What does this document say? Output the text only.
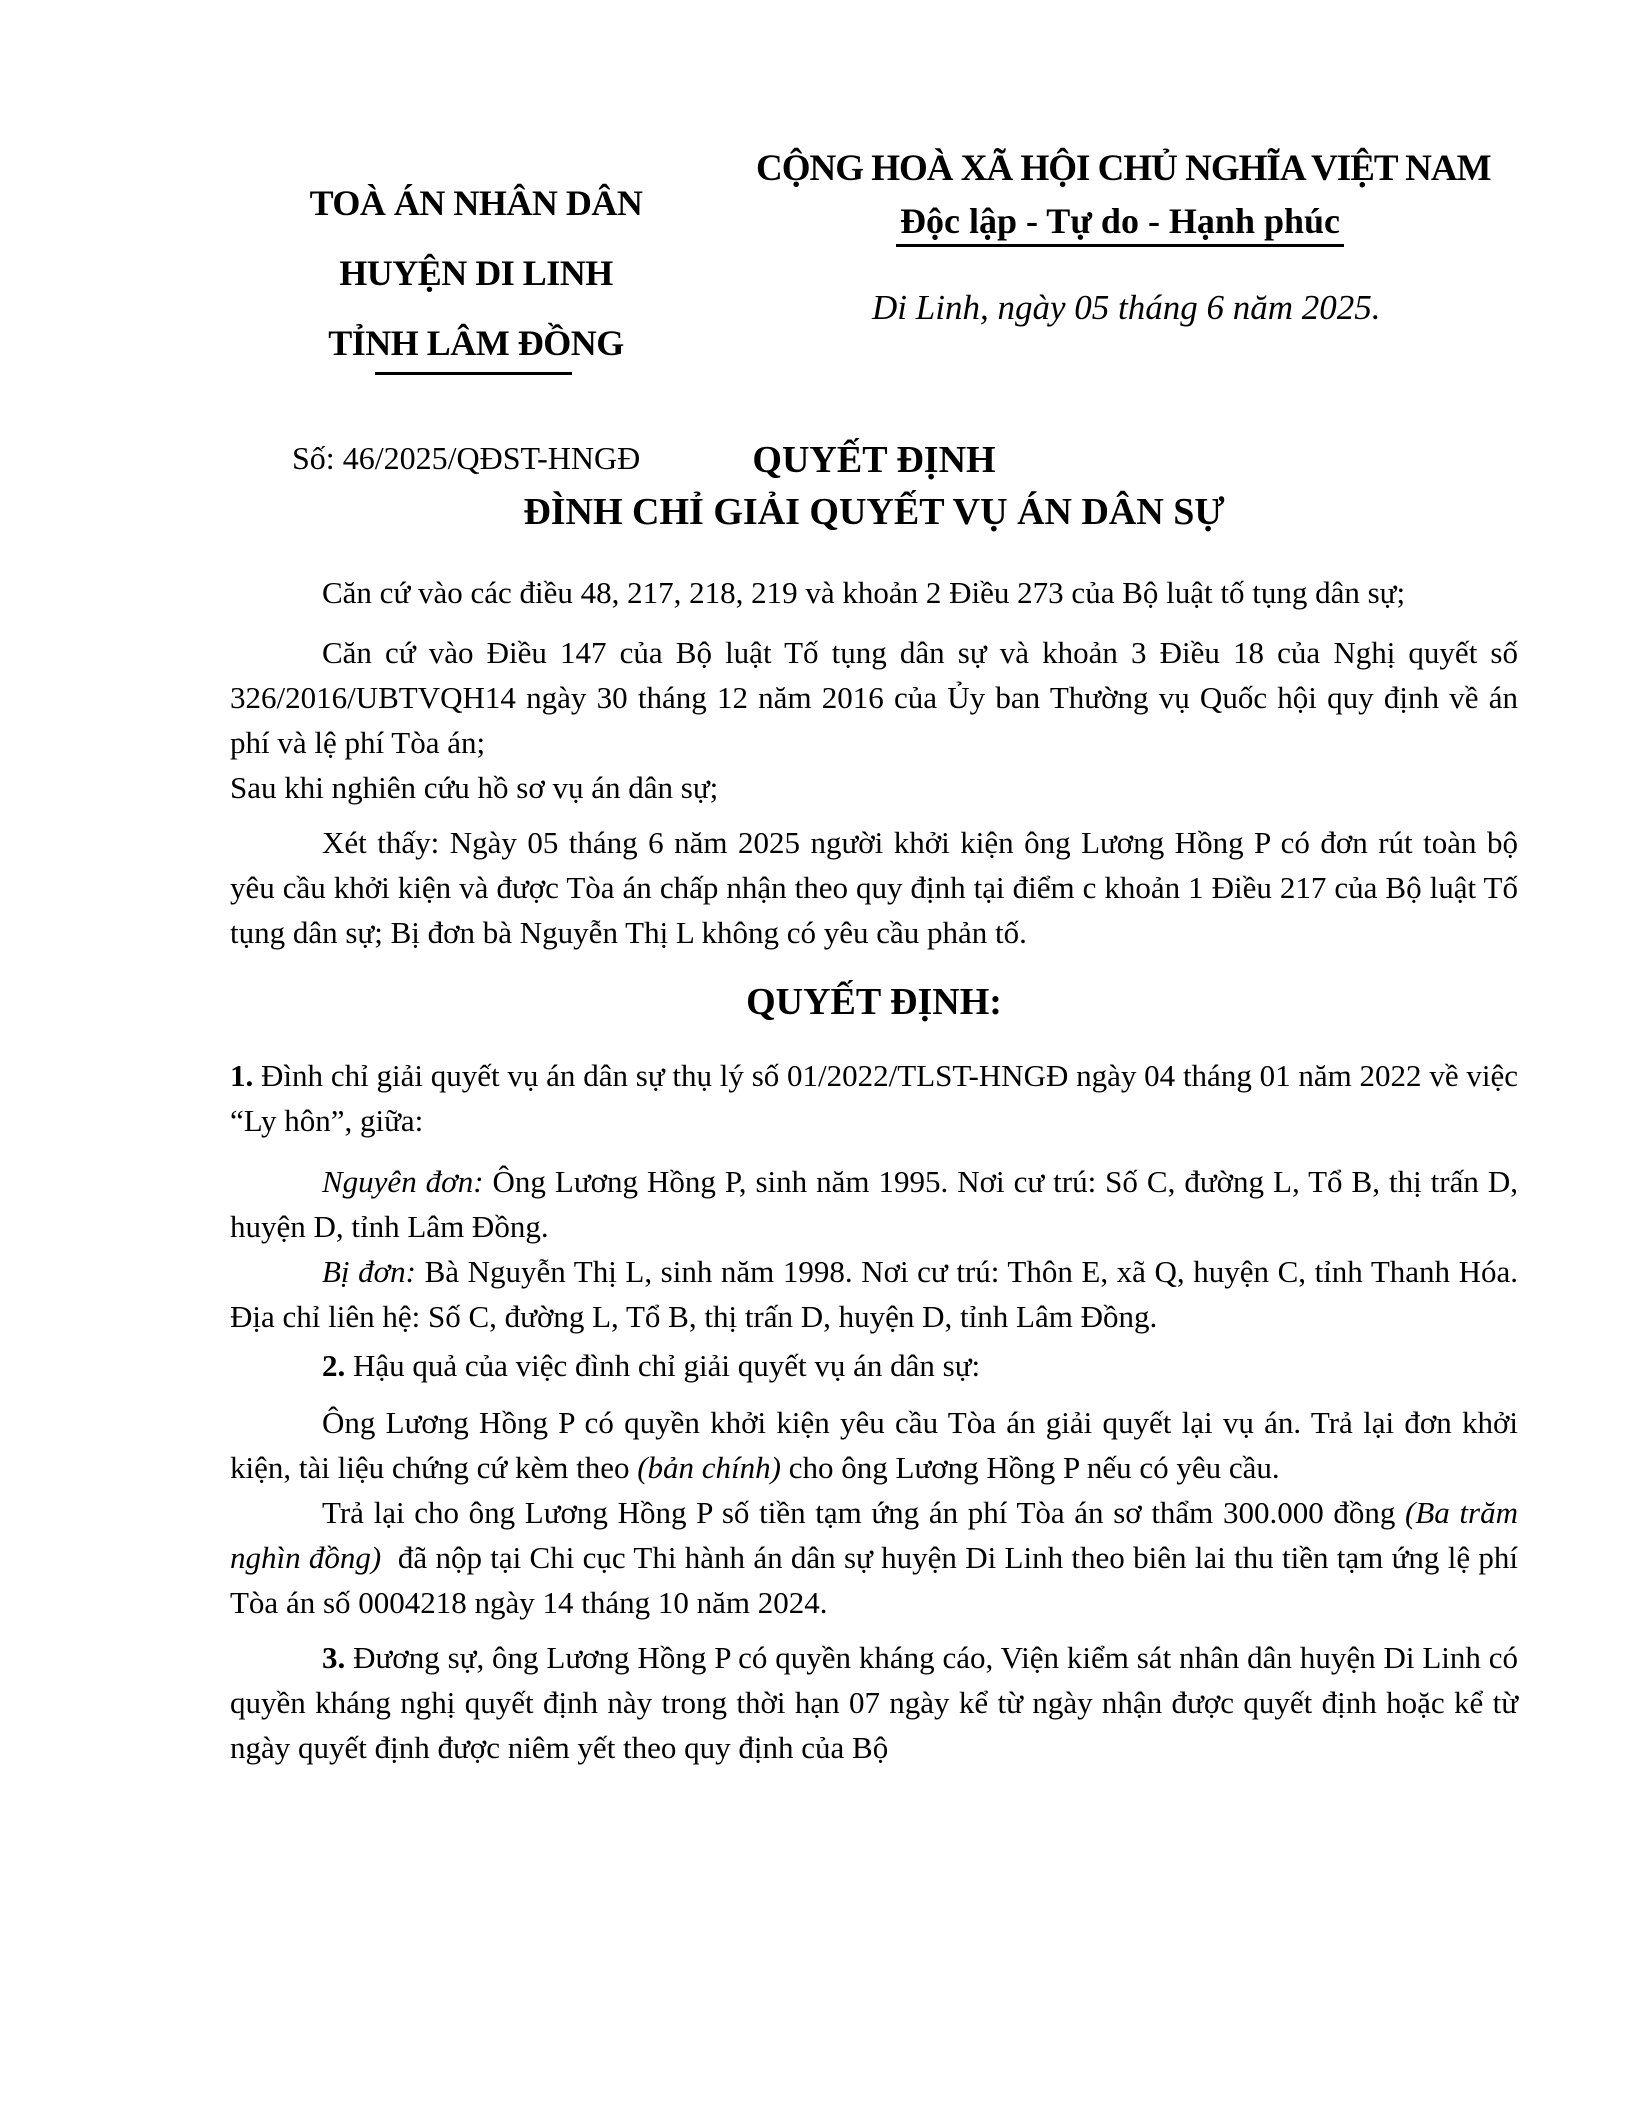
TOÀ ÁN NHÂN DÂN
HUYỆN DI LINH
TỈNH LÂM ĐỒNG
Số: 46/2025/QĐST-HNGĐ
CỘNG HOÀ XÃ HỘI CHỦ NGHĨA VIỆT NAM
Độc lập - Tự do - Hạnh phúc
Di Linh, ngày 05 tháng 6 năm 2025.
QUYẾT ĐỊNH
ĐÌNH CHỈ GIẢI QUYẾT VỤ ÁN DÂN SỰ

Căn cứ vào các điều 48, 217, 218, 219 và khoản 2 Điều 273 của Bộ luật tố tụng dân sự;

Căn cứ vào Điều 147 của Bộ luật Tố tụng dân sự và khoản 3 Điều 18 của Nghị quyết số 326/2016/UBTVQH14 ngày 30 tháng 12 năm 2016 của Ủy ban Thường vụ Quốc hội quy định về án phí và lệ phí Tòa án;

Sau khi nghiên cứu hồ sơ vụ án dân sự;

Xét thấy: Ngày 05 tháng 6 năm 2025 người khởi kiện ông Lương Hồng P có đơn rút toàn bộ yêu cầu khởi kiện và được Tòa án chấp nhận theo quy định tại điểm c khoản 1 Điều 217 của Bộ luật Tố tụng dân sự; Bị đơn bà Nguyễn Thị L không có yêu cầu phản tố.

QUYẾT ĐỊNH:

1. Đình chỉ giải quyết vụ án dân sự thụ lý số 01/2022/TLST-HNGĐ ngày 04 tháng 01 năm 2022 về việc “Ly hôn”, giữa:

Nguyên đơn: Ông Lương Hồng P, sinh năm 1995. Nơi cư trú: Số C, đường L, Tổ B, thị trấn D, huyện D, tỉnh Lâm Đồng.

Bị đơn: Bà Nguyễn Thị L, sinh năm 1998. Nơi cư trú: Thôn E, xã Q, huyện C, tỉnh Thanh Hóa. Địa chỉ liên hệ: Số C, đường L, Tổ B, thị trấn D, huyện D, tỉnh Lâm Đồng.

2. Hậu quả của việc đình chỉ giải quyết vụ án dân sự:

Ông Lương Hồng P có quyền khởi kiện yêu cầu Tòa án giải quyết lại vụ án. Trả lại đơn khởi kiện, tài liệu chứng cứ kèm theo (bản chính) cho ông Lương Hồng P nếu có yêu cầu.

Trả lại cho ông Lương Hồng P số tiền tạm ứng án phí Tòa án sơ thẩm 300.000 đồng (Ba trăm nghìn đồng)  đã nộp tại Chi cục Thi hành án dân sự huyện Di Linh theo biên lai thu tiền tạm ứng lệ phí Tòa án số 0004218 ngày 14 tháng 10 năm 2024.

3. Đương sự, ông Lương Hồng P có quyền kháng cáo, Viện kiểm sát nhân dân huyện Di Linh có quyền kháng nghị quyết định này trong thời hạn 07 ngày kể từ ngày nhận được quyết định hoặc kể từ ngày quyết định được niêm yết theo quy định của Bộ
